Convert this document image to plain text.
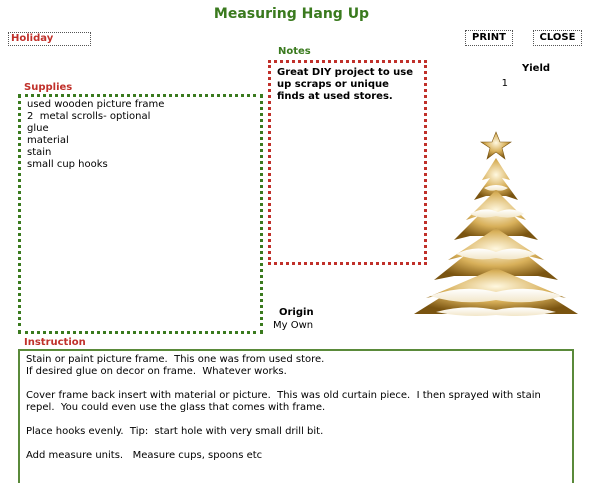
Measuring Hang Up
Holiday	PRINT	CLOSE
Notes
Great DIY project to use up scraps or unique finds at used stores.
Yield
1
Supplies
used wooden picture frame
2  metal scrolls- optional
glue
material
stain
small cup hooks
Origin
My Own
Instruction

Stain or paint picture frame.  This one was from used store.
If desired glue on decor on frame.  Whatever works.

Cover frame back insert with material or picture.  This was old curtain piece.  I then sprayed with stain repel.  You could even use the glass that comes with frame.

Place hooks evenly.  Tip:  start hole with very small drill bit.

Add measure units.   Measure cups, spoons etc
